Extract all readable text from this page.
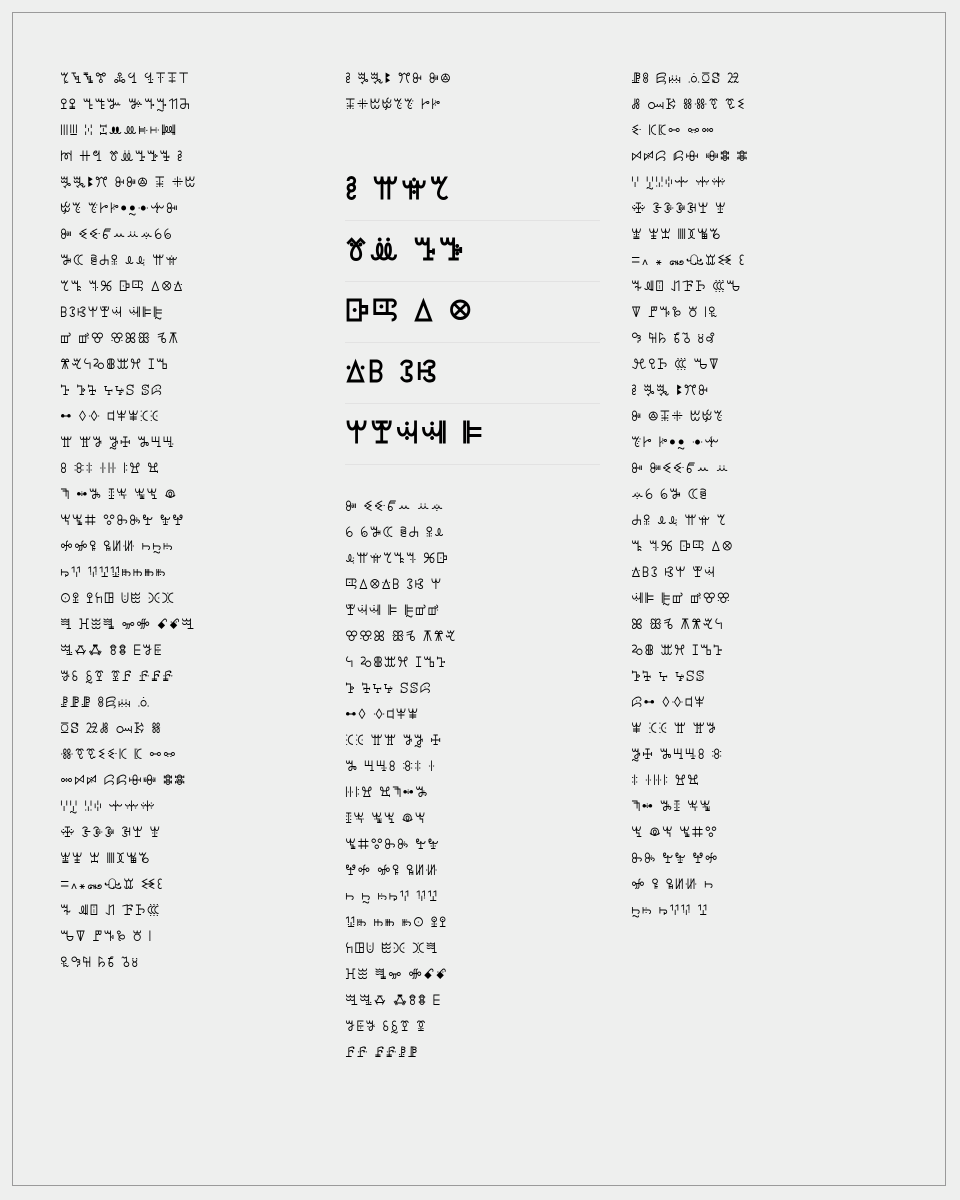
ꔂꔃꔄꔅ ꔆꔇ ꔈꔉꔊꔋ
ꔌꔍ ꔎꔏꔐ ꔑꔒꔓꔔꔕ
ꔖꔗ ꔘ ꔙꔚꔛꔜꔝꔞ
ꔟ ꔠꔡ ꔢꔣꔤꔥꔦ ꔧ
ꔨꔩꔪꔫ ꔬꔭꔮ ꔯ ꔰꔱ
ꔲꔳ ꔴꔵꔶꔷꔸꔹꔺꔻ
ꔼ ꔽꔾꔿꕀꕁꕂꕃꕄ
ꕅꕆ ꕇꕈꕉ ꕊꕋ ꕌꕍ
ꕎꕏ ꕐꕑ ꕒꕓ ꕔꕕꕖ
ꕗꕘꕙꕚꕛꕜ ꕝꕞꕟ
ꕠ ꕡꕢ ꕣꕤꕥ ꕦꕧ
ꕨꕩꕪꕫꕬꕭꕮ ꕯꕰ
ꕱ ꕲꕳ ꕴꕵꕶ ꕷꕸ
ꕹ ꕺꕻ ꕼꕽꕾꕿꖀ
ꖁ ꖂꖃ ꖄꖅ ꖆꖇꖈ
ꖉ ꖊꖋ ꖌꖍ ꖎꖏ ꖐ
ꖑ ꖒꖓ ꖔꖕ ꖖꖗ ꖘ
ꖙꖚꖛ ꖜꖝꖞꖟ ꖠꖡ
ꖢꖣꖤ ꖥꖦꖧ ꖨꖩꖪ
ꖫꖬ ꖭꖮꖯꖰꖱꖲꖳ
ꖴꖵ ꖶꖷꖸ ꖹꖺ ꖻꖼ
ꖽ ꖾꖿꗀ ꗁꗂ ꗃꗄꗅ
ꗆꗇꗈ ꗉꗊ ꗋꗌꗍ
ꗎꗏ ꗐꗑ ꗒꗓ ꗔꗕꗖ
ꗗꗘꗙ ꗚꗛꗜ ꗝ
ꗞꗟ ꗠꗡ ꗢꗣ ꗤ
ꗥꗦꗧꗨꗩꗪ ꗫ ꗬꗭ
ꗮꗯꗰ ꗱꗲꗳꗴ ꗵꗶ
ꗷꗸ ꗹꗺ ꗻꗼꗽ
ꗾ ꗿꘀꘁ ꘂꘃ ꘄ
ꘅꘆ ꘇ ꘈꘉꘊꘋ
ꘌ꘍꘎꘏ꘐꘑ ꘒꘓ
ꘔ ꘕꘖ ꘗ ꘘꘙꘚ
ꘛꘜ ꘝꘞꘟ ꘠ ꘡
꘢꘣꘤ ꘥꘦ ꘧꘨
ꔧ ꔨꔩꔪ ꔫꔬ ꔭꔮ
ꔯꔰꔱꔲꔳꔴ ꔵꔶ
ꔧ ꕌꕍꕎ
ꔢꔣ ꔤꔥ
ꕒꕓ ꕔ ꕕ
ꕖꕗ ꕘꕙ
ꕚꕛꕜꕝ ꕞ
ꔼ ꔽꔾꔿꕀ ꕁꕂ
ꕃ ꕄꕅꕆ ꕇꕈ ꕉꕊ
ꕋꕌꕍꕎꕏꕐ ꕑꕒ
ꕓꕔꕕꕖꕗ ꕘꕙ ꕚ
ꕛꕜꕝ ꕞ ꕟꕠꕡ
ꕢꕣꕤ ꕥꕦ ꕧꕨꕩ
ꕪ ꕫꕬꕭꕮ ꕯꕰꕱ
ꕲ ꕳꕴꕵ ꕶꕷꕸ
ꕹꕺ ꕻꕼꕽꕾ
ꕿꖀ ꖁꖂ ꖃꖄ ꖅ
ꖆ ꖇꖈꖉ ꖊꖋ ꖌ
ꖍꖎꖏ ꖐꖑꖒꖓ
ꖔꖕ ꖖꖗ ꖘꖙ
ꖚꖛꖜꖝꖞ ꖟꖠ
ꖡꖢ ꖣꖤ ꖥꖦꖧ
ꖨ ꖩ ꖪꖫꖬ ꖭꖮ
ꖯꖰ ꖱꖲ ꖳꖴ ꖵꖶ
ꖷꖸꖹ ꖺꖻ ꖼꖽ
ꖾꖿ ꗀꗁ ꗂꗃꗄ
ꗅꗆꗇ ꗈꗉꗊ ꗋ
ꗌꗍꗎ ꗏꗐꗑ ꗒ
ꗓꗔ ꗕꗖꗗꗘ
ꗙꗚ ꗛꗜ ꗝꗞꗟ ꗠ
ꗡ ꗢꗣ ꗤꗥꗦ ꗧꗨ
ꗩ ꗪꗫꗬ ꗭꗮ
ꗯꗰꗱ ꗲꗳ ꗴꗵ ꗶ
ꗷ ꗸꗹꗺꗻ ꗼꗽ
ꗾ ꗿꘀꘁꘂꘃ ꘄ
ꘅ ꘆꘇ ꘈꘉꘊꘋ
ꘌ꘍ ꘎ ꘏ꘐꘑꘒ ꘓ
ꘔꘕꘖ ꘗꘘꘙ ꘚꘛ
ꘜ ꘝꘞꘟ ꘠ ꘡꘢
꘣ ꘤꘥ ꘦꘧ ꘨꘩
ꘪꘫꘙ ꘚ ꘛꘜ
ꔧ ꔨꔩ ꔪꔫꔬ
ꔭ ꔮꔯꔰ ꔱꔲꔳ
ꔴꔵ ꔶꔷꔸ ꔹꔺ
ꔻ ꔼꔽꔾꔿꕀ ꕁ
ꕂꕃ ꕄꕅ ꕆꕇ
ꕈꕉ ꕊꕋ ꕌꕍ ꕎ
ꕏ ꕐꕑ ꕒꕓ ꕔꕕ
ꕖꕗꕘ ꕙꕚ ꕛꕜ
ꕝꕞ ꕟꕠ ꕡꕢꕣ
ꕤ ꕥꕦ ꕧꕨꕩꕪ
ꕫꕬ ꕭꕮ ꕯꕰꕱ
ꕲꕳ ꕴ ꕵꕶꕷ
ꕸꕹ ꕺꕻꕼꕽ
ꕾ ꕿꖀ ꖁ ꖂꖃ
ꖄꖅ ꖆꖇꖈꖉ ꖊ
ꖋ ꖌꖍꖎ ꖏꖐ
ꖑꖒ ꖓꖔ ꖕꖖ
ꖗ ꖘꖙ ꖚꖛꖜ
ꖝꖞ ꖟꖠ ꖡꖢ
ꖣ ꖤ ꖥꖦꖧ ꖨ
ꖩꖪ ꖫꖬꖭ ꖮ
